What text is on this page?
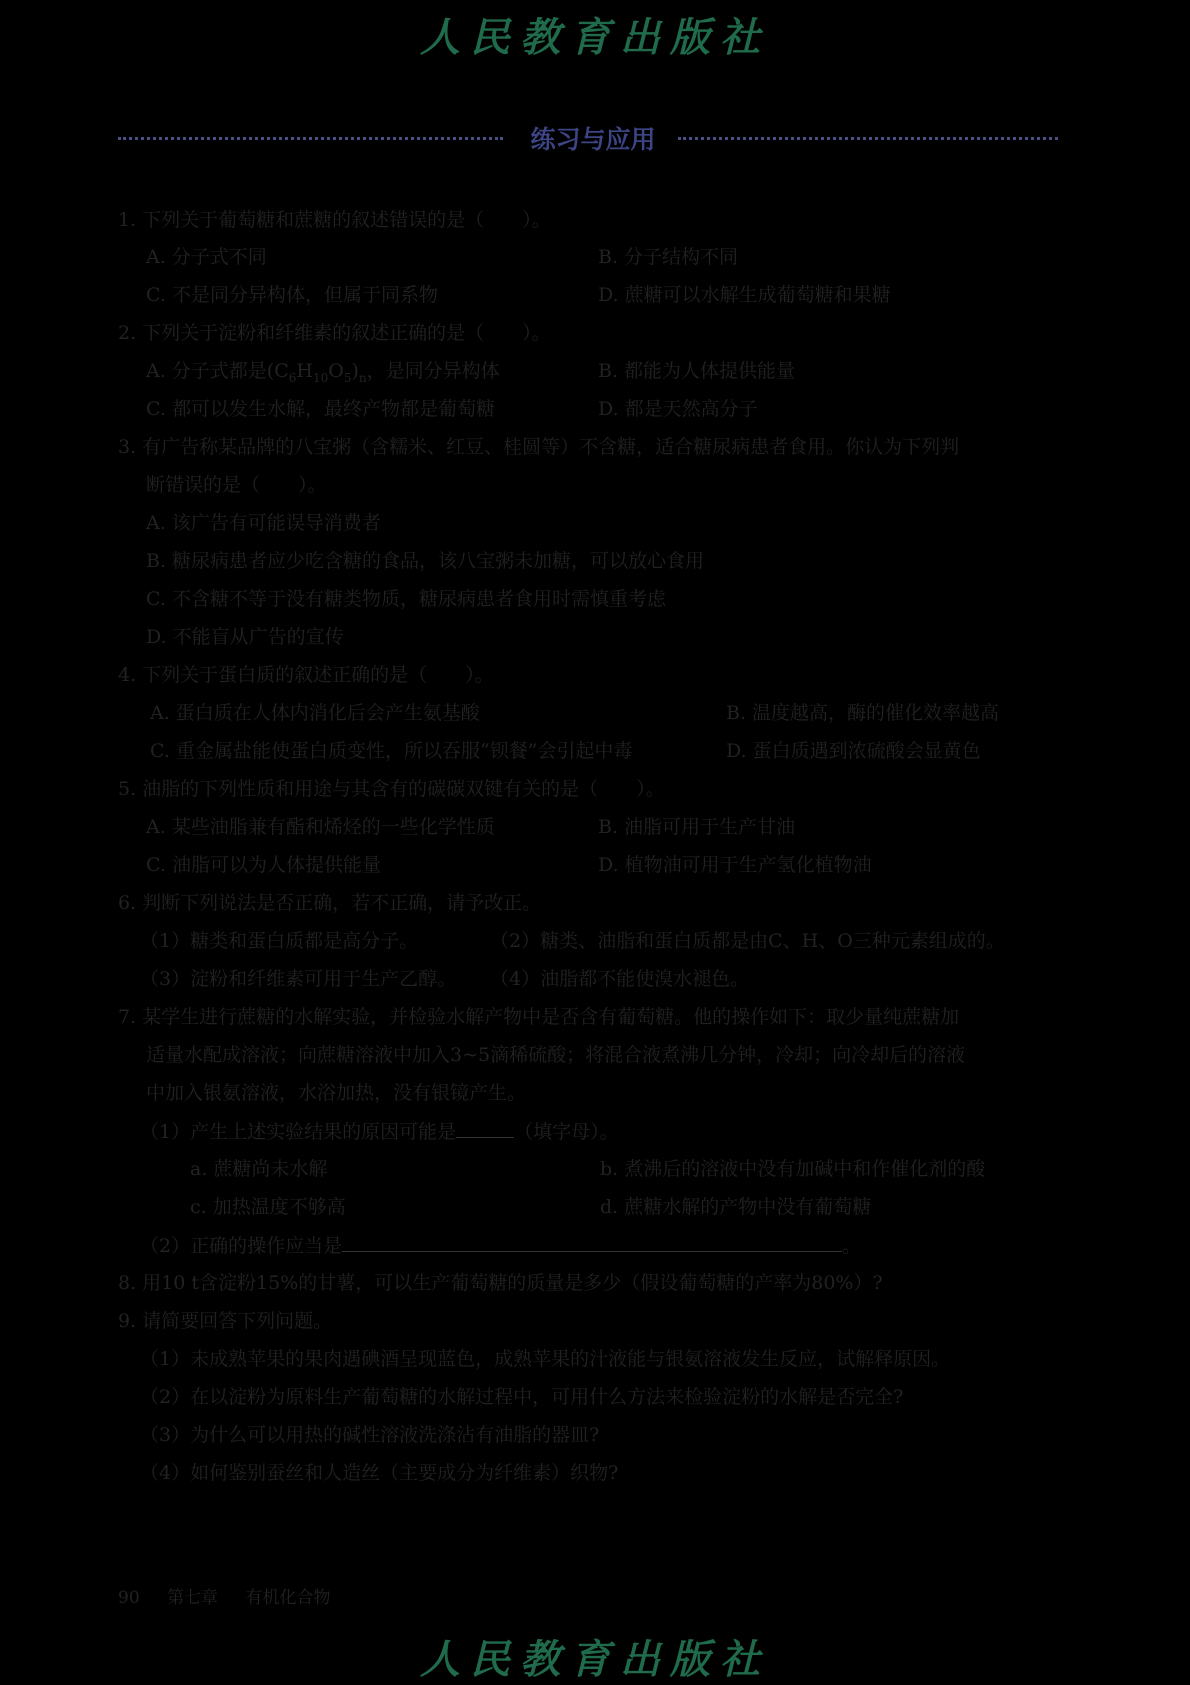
人民教育出版社
练习与应用
1. 下列关于葡萄糖和蔗糖的叙述错误的是（　　）。
A. 分子式不同	B. 分子结构不同
C. 不是同分异构体，但属于同系物	D. 蔗糖可以水解生成葡萄糖和果糖
2. 下列关于淀粉和纤维素的叙述正确的是（　　）。
A. 分子式都是$(C_6H_{10}O_5)_n$，是同分异构体	B. 都能为人体提供能量
C. 都可以发生水解，最终产物都是葡萄糖	D. 都是天然高分子
3. 有广告称某品牌的八宝粥（含糯米、红豆、桂圆等）不含糖，适合糖尿病患者食用。你认为下列判
断错误的是（　　）。
A. 该广告有可能误导消费者
B. 糖尿病患者应少吃含糖的食品，该八宝粥未加糖，可以放心食用
C. 不含糖不等于没有糖类物质，糖尿病患者食用时需慎重考虑
D. 不能盲从广告的宣传
4. 下列关于蛋白质的叙述正确的是（　　）。
A. 蛋白质在人体内消化后会产生氨基酸	B. 温度越高，酶的催化效率越高
C. 重金属盐能使蛋白质变性，所以吞服“钡餐”会引起中毒	D. 蛋白质遇到浓硫酸会显黄色
5. 油脂的下列性质和用途与其含有的碳碳双键有关的是（　　）。
A. 某些油脂兼有酯和烯烃的一些化学性质	B. 油脂可用于生产甘油
C. 油脂可以为人体提供能量	D. 植物油可用于生产氢化植物油
6. 判断下列说法是否正确，若不正确，请予改正。
（1）糖类和蛋白质都是高分子。	（2）糖类、油脂和蛋白质都是由C、H、O三种元素组成的。
（3）淀粉和纤维素可用于生产乙醇。 （4）油脂都不能使溴水褪色。
7. 某学生进行蔗糖的水解实验，并检验水解产物中是否含有葡萄糖。他的操作如下：取少量纯蔗糖加
适量水配成溶液；向蔗糖溶液中加入3~5滴稀硫酸；将混合液煮沸几分钟，冷却；向冷却后的溶液
中加入银氨溶液，水浴加热，没有银镜产生。
（1）产生上述实验结果的原因可能是	（填字母）。
a. 蔗糖尚未水解	b. 煮沸后的溶液中没有加碱中和作催化剂的酸
c. 加热温度不够高	d. 蔗糖水解的产物中没有葡萄糖
（2）正确的操作应当是	。
8. 用10 t含淀粉15%的甘薯，可以生产葡萄糖的质量是多少（假设葡萄糖的产率为80%）?
9. 请简要回答下列问题。
（1）未成熟苹果的果肉遇碘酒呈现蓝色，成熟苹果的汁液能与银氨溶液发生反应，试解释原因。
（2）在以淀粉为原料生产葡萄糖的水解过程中，可用什么方法来检验淀粉的水解是否完全?
（3）为什么可以用热的碱性溶液洗涤沾有油脂的器皿?
（4）如何鉴别蚕丝和人造丝（主要成分为纤维素）织物?
90 第七章 有机化合物
人民教育出版社
